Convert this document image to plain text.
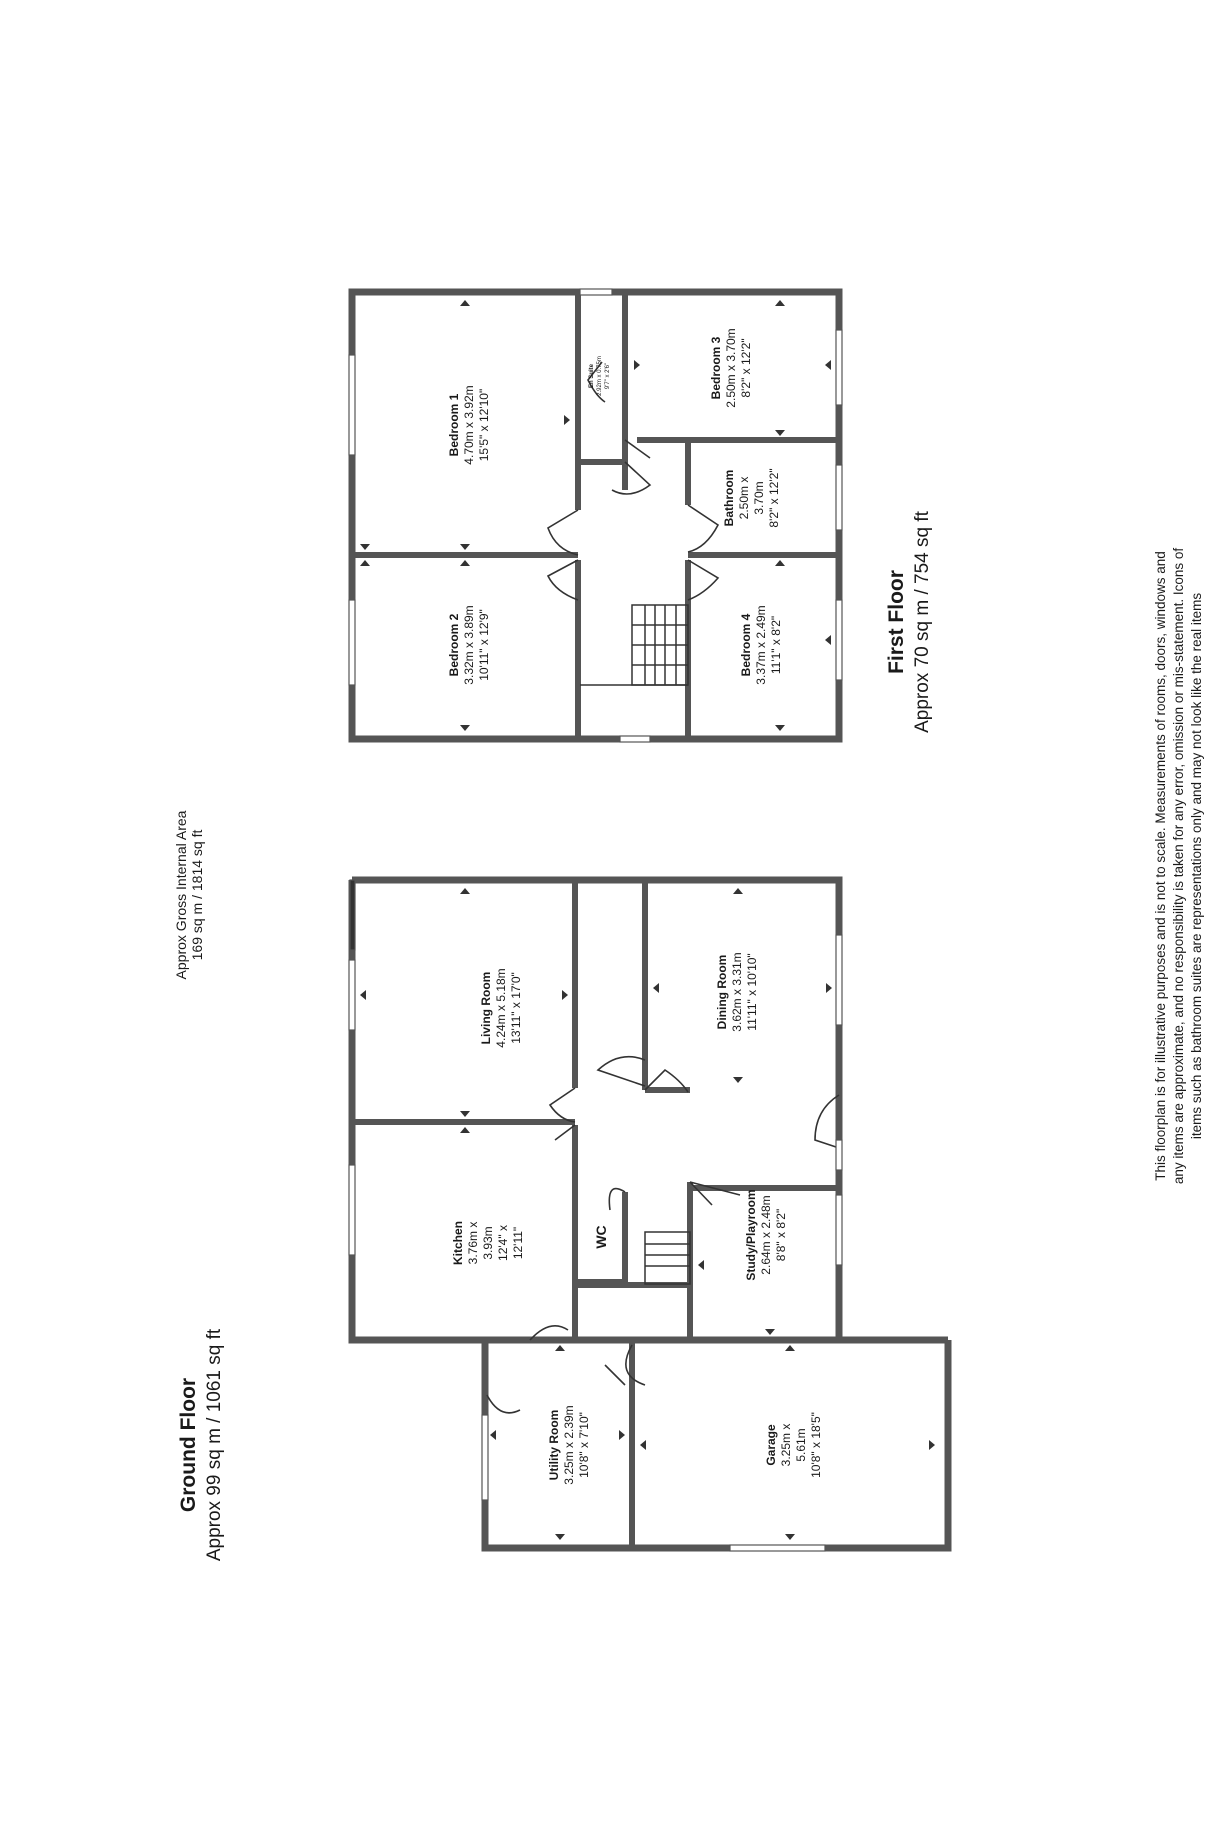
Approx Gross Internal Area 169 sq m / 1814 sq ft
Bedroom 1 4.70m x 3.92m 15'5" x 12'10"
En Suite 2.92m x 0.75m 9'7" x 2'6"	Bedroom 3 2.50m x 3.70m 8'2" x 12'2"
Bathroom 2.50m x 3.70m 8'2" x 12'2"
Bedroom 2 3.32m x 3.89m 10'11" x 12'9"	Bedroom 4 3.37m x 2.49m 11'1" x 8'2"	First Floor Approx 70 sq m / 754 sq ft
Living Room 4.24m x 5.18m 13'11" x 17'0"	Dining Room 3.62m x 3.31m 11'11" x 10'10"
Kitchen 3.76m x 3.93m 12'4" x 12'11"	WC	Study/Playroom 2.64m x 2.48m 8'8" x 8'2"
Utility Room 3.25m x 2.39m 10'8" x 7'10"	Garage 3.25m x 5.61m 10'8" x 18'5"
Ground Floor Approx 99 sq m / 1061 sq ft
This floorplan is for illustrative purposes and is not to scale. Measurements of rooms, doors, windows and any items are approximate, and no responsibility is taken for any error, omission or mis-statement. Icons of items such as bathroom suites are representations only and may not look like the real items
